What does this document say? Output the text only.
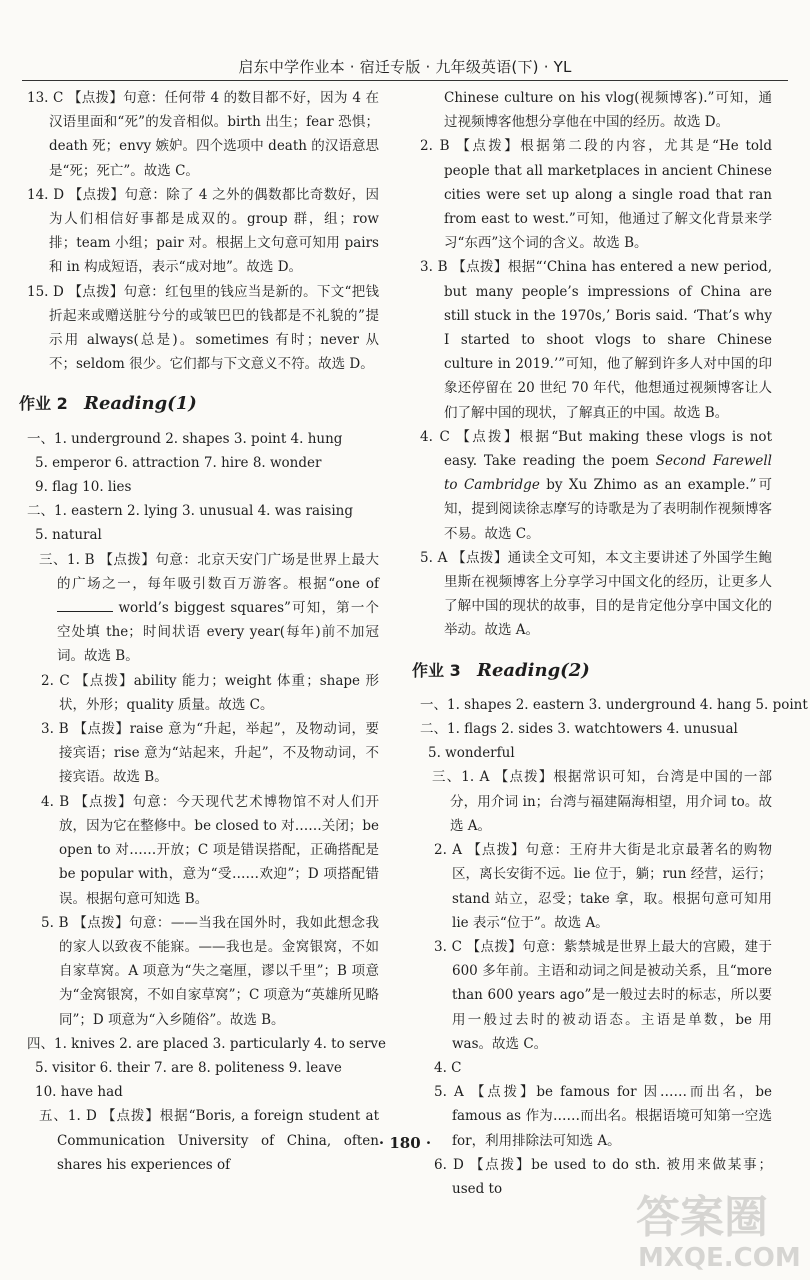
启东中学作业本 · 宿迁专版 · 九年级英语(下) · YL
13. C 【点拨】句意：任何带 4 的数目都不好，因为 4 在汉语里面和“死”的发音相似。birth 出生；fear 恐惧；death 死；envy 嫉妒。四个选项中 death 的汉语意思是“死；死亡”。故选 C。
14. D 【点拨】句意：除了 4 之外的偶数都比奇数好，因为人们相信好事都是成双的。group 群，组；row 排；team 小组；pair 对。根据上文句意可知用 pairs 和 in 构成短语，表示“成对地”。故选 D。
15. D 【点拨】句意：红包里的钱应当是新的。下文“把钱折起来或赠送脏兮兮的或皱巴巴的钱都是不礼貌的”提示用 always(总是)。sometimes 有时；never 从不；seldom 很少。它们都与下文意义不符。故选 D。
作业 2 Reading(1)
一、1. underground 2. shapes 3. point 4. hung
5. emperor 6. attraction 7. hire 8. wonder
9. flag 10. lies
二、1. eastern 2. lying 3. unusual 4. was raising
5. natural
三、1. B 【点拨】句意：北京天安门广场是世界上最大的广场之一，每年吸引数百万游客。根据“one of world’s biggest squares”可知，第一个空处填 the；时间状语 every year(每年)前不加冠词。故选 B。
2. C 【点拨】ability 能力；weight 体重；shape 形状，外形；quality 质量。故选 C。
3. B 【点拨】raise 意为“升起，举起”，及物动词，要接宾语；rise 意为“站起来，升起”，不及物动词，不接宾语。故选 B。
4. B 【点拨】句意：今天现代艺术博物馆不对人们开放，因为它在整修中。be closed to 对……关闭；be open to 对……开放；C 项是错误搭配，正确搭配是 be popular with，意为“受……欢迎”；D 项搭配错误。根据句意可知选 B。
5. B 【点拨】句意：——当我在国外时，我如此想念我的家人以致夜不能寐。——我也是。金窝银窝，不如自家草窝。A 项意为“失之毫厘，谬以千里”；B 项意为“金窝银窝，不如自家草窝”；C 项意为“英雄所见略同”；D 项意为“入乡随俗”。故选 B。
四、1. knives 2. are placed 3. particularly 4. to serve
5. visitor 6. their 7. are 8. politeness 9. leave
10. have had
五、1. D 【点拨】根据“Boris, a foreign student at Communication University of China, often shares his experiences of
Chinese culture on his vlog(视频博客).”可知，通过视频博客他想分享他在中国的经历。故选 D。
2. B 【点拨】根据第二段的内容，尤其是“He told people that all marketplaces in ancient Chinese cities were set up along a single road that ran from east to west.”可知，他通过了解文化背景来学习“东西”这个词的含义。故选 B。
3. B 【点拨】根据“‘China has entered a new period, but many people’s impressions of China are still stuck in the 1970s,’ Boris said. ‘That’s why I started to shoot vlogs to share Chinese culture in 2019.’”可知，他了解到许多人对中国的印象还停留在 20 世纪 70 年代，他想通过视频博客让人们了解中国的现状，了解真正的中国。故选 B。
4. C 【点拨】根据“But making these vlogs is not easy. Take reading the poem Second Farewell to Cambridge by Xu Zhimo as an example.”可知，提到阅读徐志摩写的诗歌是为了表明制作视频博客不易。故选 C。
5. A 【点拨】通读全文可知，本文主要讲述了外国学生鲍里斯在视频博客上分享学习中国文化的经历，让更多人了解中国的现状的故事，目的是肯定他分享中国文化的举动。故选 A。
作业 3 Reading(2)
一、1. shapes 2. eastern 3. underground 4. hang 5. point
二、1. flags 2. sides 3. watchtowers 4. unusual
5. wonderful
三、1. A 【点拨】根据常识可知，台湾是中国的一部分，用介词 in；台湾与福建隔海相望，用介词 to。故选 A。
2. A 【点拨】句意：王府井大街是北京最著名的购物区，离长安街不远。lie 位于，躺；run 经营，运行；stand 站立，忍受；take 拿，取。根据句意可知用 lie 表示“位于”。故选 A。
3. C 【点拨】句意：紫禁城是世界上最大的宫殿，建于 600 多年前。主语和动词之间是被动关系，且“more than 600 years ago”是一般过去时的标志，所以要用一般过去时的被动语态。主语是单数，be 用 was。故选 C。
4. C
5. A 【点拨】be famous for 因……而出名，be famous as 作为……而出名。根据语境可知第一空选 for，利用排除法可知选 A。
6. D 【点拨】be used to do sth. 被用来做某事；used to
· 180 ·
答案圈
MXQE.COM
